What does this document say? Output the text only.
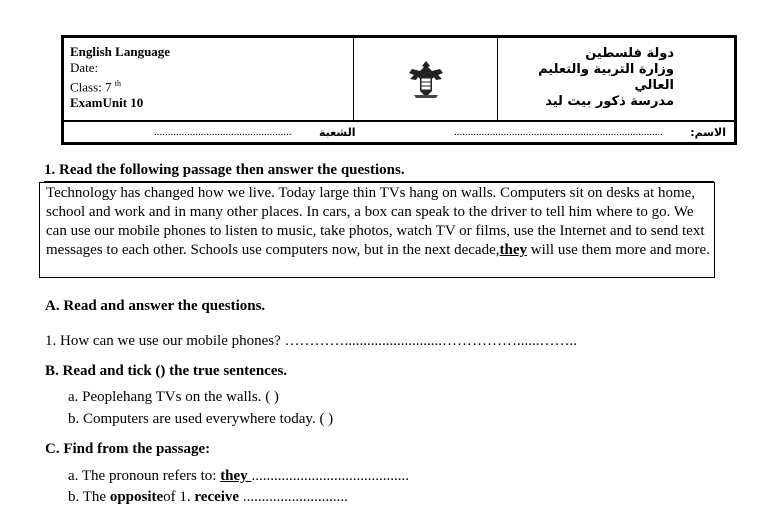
English Language
Date:
Class: 7 $^{th}$
ExamUnit 10
دولة فلسطين
وزارة التربية والتعليم العالي
مدرسة ذكور بيت ليد
الاسم:
............................................................................
الشعبة
..................................................
1. Read the following passage then answer the questions.
Technology has changed how we live. Today large thin TVs hang on walls. Computers sit on desks at home, school and work and in many other places. In cars, a box can speak to the driver to tell him where to go. We can use our mobile phones to listen to music, take photos, watch TV or films, use the Internet and to send text messages to each other. Schools use computers now, but in the next decade,they will use them more and more.
A. Read and answer the questions.
1. How can we use our mobile phones? …………..........................……………......……..
B. Read and tick () the true sentences.
a. Peoplehang TVs on the walls. ( )
b. Computers are used everywhere today. ( )
C. Find from the passage:
a. The pronoun refers to: they ..........................................
b. The oppositeof 1. receive ............................
